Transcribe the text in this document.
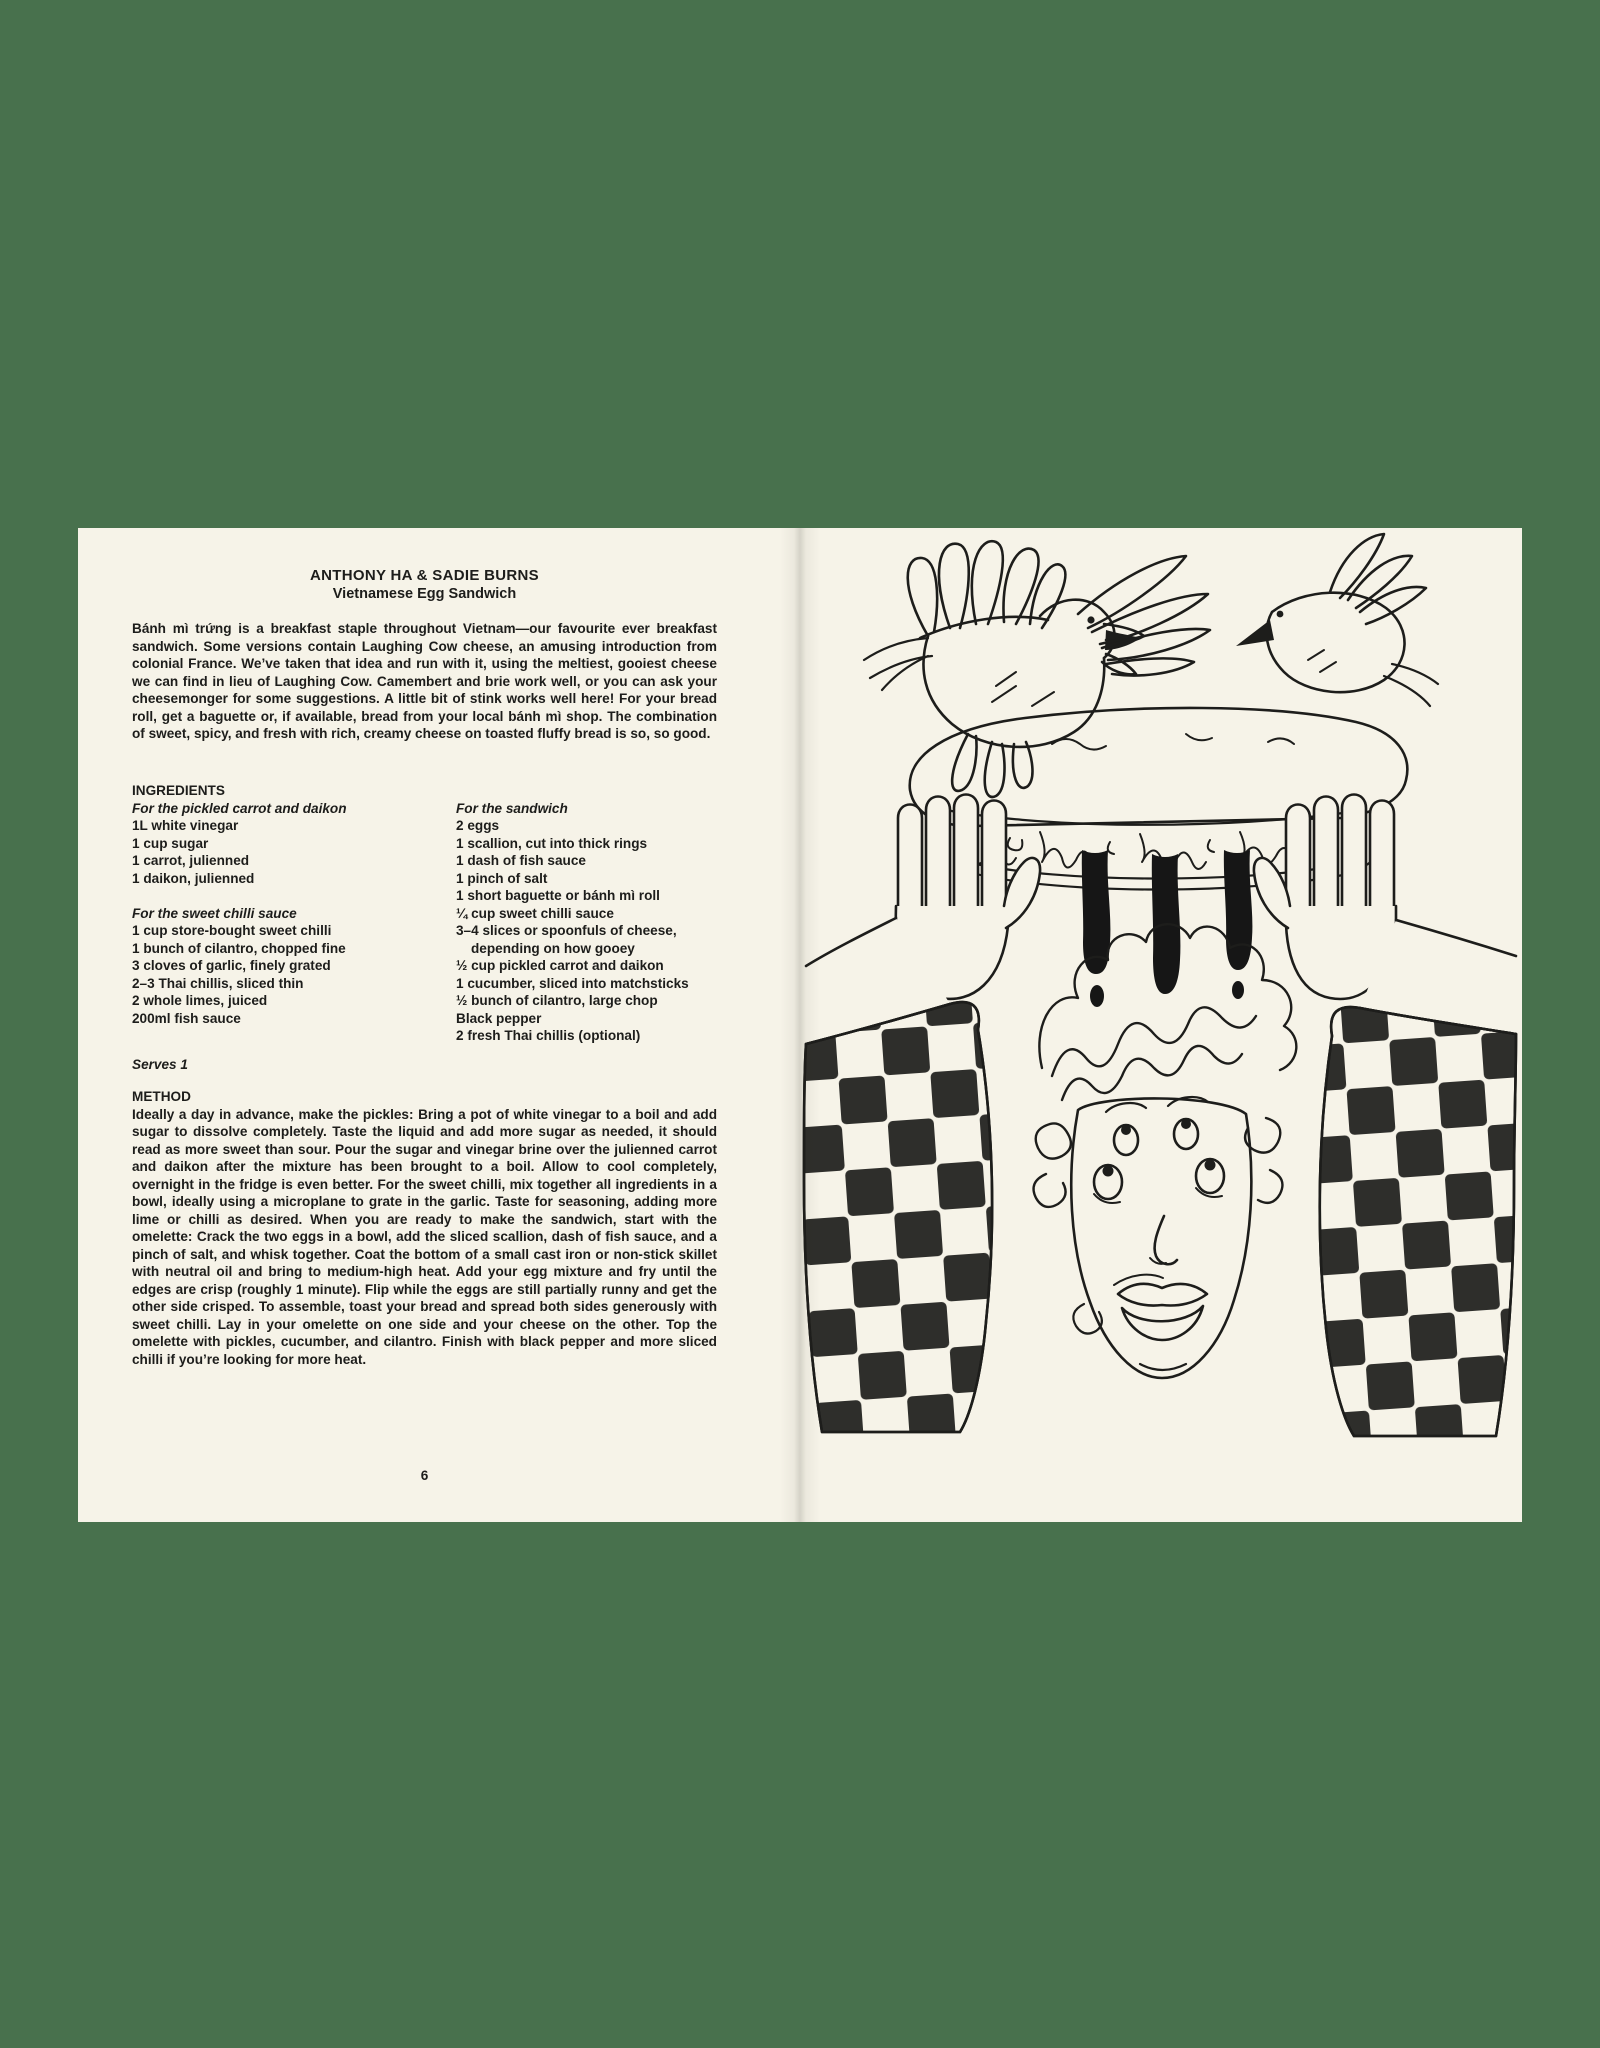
ANTHONY HA & SADIE BURNS
Vietnamese Egg Sandwich
Bánh mì trứng is a breakfast staple throughout Vietnam—our favourite ever breakfast sandwich. Some versions contain Laughing Cow cheese, an amusing introduction from colonial France. We’ve taken that idea and run with it, using the meltiest, gooiest cheese we can find in lieu of Laughing Cow. Camembert and brie work well, or you can ask your cheesemonger for some suggestions. A little bit of stink works well here! For your bread roll, get a baguette or, if available, bread from your local bánh mì shop. The combination of sweet, spicy, and fresh with rich, creamy cheese on toasted fluffy bread is so, so good.
INGREDIENTS
For the pickled carrot and daikon
1L white vinegar
1 cup sugar
1 carrot, julienned
1 daikon, julienned
For the sweet chilli sauce
1 cup store-bought sweet chilli
1 bunch of cilantro, chopped fine
3 cloves of garlic, finely grated
2–3 Thai chillis, sliced thin
2 whole limes, juiced
200ml fish sauce
For the sandwich
2 eggs
1 scallion, cut into thick rings
1 dash of fish sauce
1 pinch of salt
1 short baguette or bánh mì roll
¼ cup sweet chilli sauce
3–4 slices or spoonfuls of cheese, depending on how gooey
½ cup pickled carrot and daikon
1 cucumber, sliced into matchsticks
½ bunch of cilantro, large chop
Black pepper
2 fresh Thai chillis (optional)
Serves 1
METHOD
Ideally a day in advance, make the pickles: Bring a pot of white vinegar to a boil and add sugar to dissolve completely. Taste the liquid and add more sugar as needed, it should read as more sweet than sour. Pour the sugar and vinegar brine over the julienned carrot and daikon after the mixture has been brought to a boil. Allow to cool completely, overnight in the fridge is even better. For the sweet chilli, mix together all ingredients in a bowl, ideally using a microplane to grate in the garlic. Taste for seasoning, adding more lime or chilli as desired. When you are ready to make the sandwich, start with the omelette: Crack the two eggs in a bowl, add the sliced scallion, dash of fish sauce, and a pinch of salt, and whisk together. Coat the bottom of a small cast iron or non-stick skillet with neutral oil and bring to medium-high heat. Add your egg mixture and fry until the edges are crisp (roughly 1 minute). Flip while the eggs are still partially runny and get the other side crisped. To assemble, toast your bread and spread both sides generously with sweet chilli. Lay in your omelette on one side and your cheese on the other. Top the omelette with pickles, cucumber, and cilantro. Finish with black pepper and more sliced chilli if you’re looking for more heat.
6
